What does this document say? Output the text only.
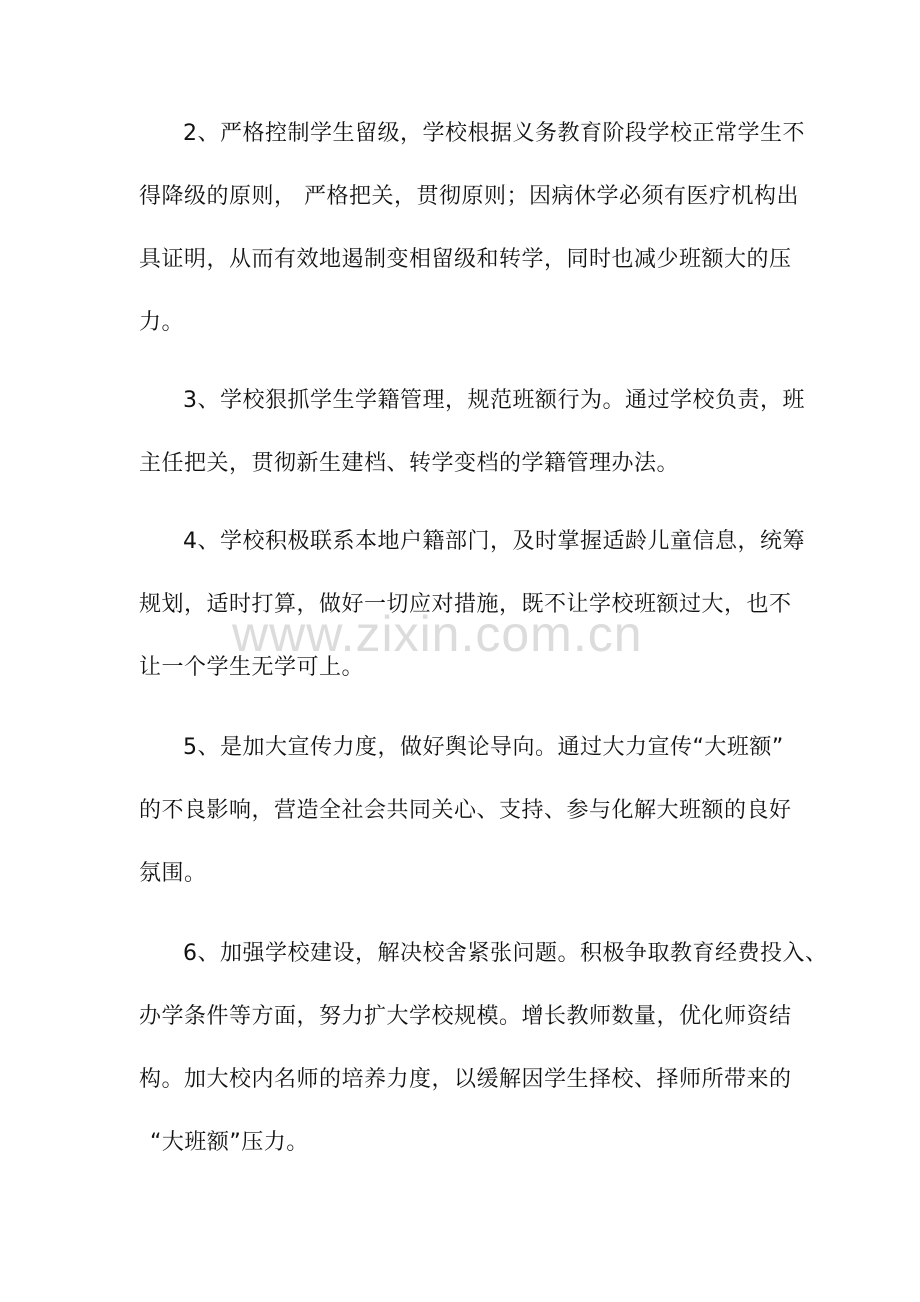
2、严格控制学生留级，学校根据义务教育阶段学校正常学生不
得降级的原则， 严格把关，贯彻原则；因病休学必须有医疗机构出
具证明，从而有效地遏制变相留级和转学，同时也减少班额大的压
力。
3、学校狠抓学生学籍管理，规范班额行为。通过学校负责，班
主任把关，贯彻新生建档、转学变档的学籍管理办法。
4、学校积极联系本地户籍部门，及时掌握适龄儿童信息，统筹
规划，适时打算，做好一切应对措施，既不让学校班额过大，也不
让一个学生无学可上。
5、是加大宣传力度，做好舆论导向。通过大力宣传“大班额”
的不良影响，营造全社会共同关心、支持、参与化解大班额的良好
氛围。
6、加强学校建设，解决校舍紧张问题。积极争取教育经费投入、
办学条件等方面，努力扩大学校规模。增长教师数量，优化师资结
构。加大校内名师的培养力度，以缓解因学生择校、择师所带来的
“大班额”压力。
www.zixin.com.cn
